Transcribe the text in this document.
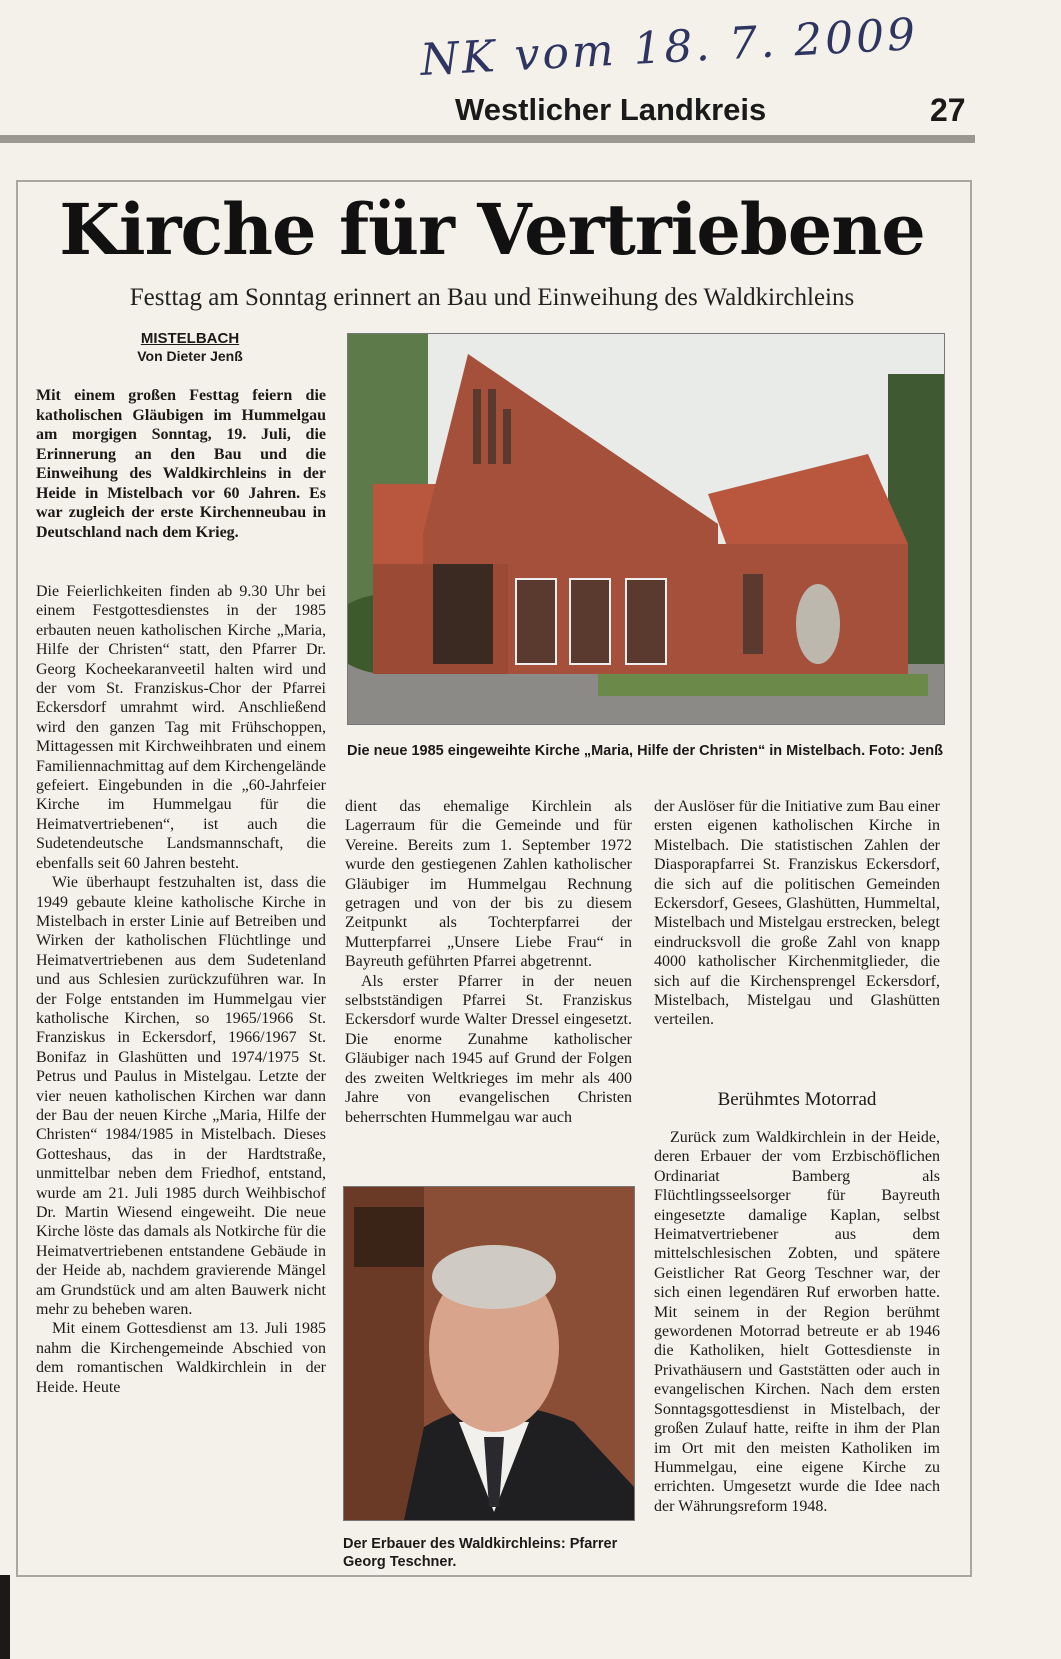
NK vom 18. 7. 2009
Westlicher Landkreis	27
Kirche für Vertriebene
Festtag am Sonntag erinnert an Bau und Einweihung des Waldkirchleins
MISTELBACH
Von Dieter Jenß
Mit einem großen Festtag feiern die katholischen Gläubigen im Hummelgau am morgigen Sonntag, 19. Juli, die Erinnerung an den Bau und die Einweihung des Waldkirchleins in der Heide in Mistelbach vor 60 Jahren. Es war zugleich der erste Kirchenneubau in Deutschland nach dem Krieg.

Die Feierlichkeiten finden ab 9.30 Uhr bei einem Festgottesdienstes in der 1985 erbauten neuen katholischen Kirche „Maria, Hilfe der Christen“ statt, den Pfarrer Dr. Georg Kocheekaranveetil halten wird und der vom St. Franziskus-Chor der Pfarrei Eckersdorf umrahmt wird. Anschließend wird den ganzen Tag mit Frühschoppen, Mittagessen mit Kirchweihbraten und einem Familiennachmittag auf dem Kirchengelände gefeiert. Eingebunden in die „60-Jahrfeier Kirche im Hummelgau für die Heimatvertriebenen“, ist auch die Sudetendeutsche Landsmannschaft, die ebenfalls seit 60 Jahren besteht.

Wie überhaupt festzuhalten ist, dass die 1949 gebaute kleine katholische Kirche in Mistelbach in erster Linie auf Betreiben und Wirken der katholischen Flüchtlinge und Heimatvertriebenen aus dem Sudetenland und aus Schlesien zurückzuführen war. In der Folge entstanden im Hummelgau vier katholische Kirchen, so 1965/1966 St. Franziskus in Eckersdorf, 1966/1967 St. Bonifaz in Glashütten und 1974/1975 St. Petrus und Paulus in Mistelgau. Letzte der vier neuen katholischen Kirchen war dann der Bau der neuen Kirche „Maria, Hilfe der Christen“ 1984/1985 in Mistelbach. Dieses Gotteshaus, das in der Hardtstraße, unmittelbar neben dem Friedhof, entstand, wurde am 21. Juli 1985 durch Weihbischof Dr. Martin Wiesend eingeweiht. Die neue Kirche löste das damals als Notkirche für die Heimatvertriebenen entstandene Gebäude in der Heide ab, nachdem gravierende Mängel am Grundstück und am alten Bauwerk nicht mehr zu beheben waren.

Mit einem Gottesdienst am 13. Juli 1985 nahm die Kirchengemeinde Abschied von dem romantischen Waldkirchlein in der Heide. Heute

Die neue 1985 eingeweihte Kirche „Maria, Hilfe der Christen“ in Mistelbach. Foto: Jenß

dient das ehemalige Kirchlein als Lagerraum für die Gemeinde und für Vereine. Bereits zum 1. September 1972 wurde den gestiegenen Zahlen katholischer Gläubiger im Hummelgau Rechnung getragen und von der bis zu diesem Zeitpunkt als Tochterpfarrei der Mutterpfarrei „Unsere Liebe Frau“ in Bayreuth geführten Pfarrei abgetrennt.

Als erster Pfarrer in der neuen selbstständigen Pfarrei St. Franziskus Eckersdorf wurde Walter Dressel eingesetzt. Die enorme Zunahme katholischer Gläubiger nach 1945 auf Grund der Folgen des zweiten Weltkrieges im mehr als 400 Jahre von evangelischen Christen beherrschten Hummelgau war auch

der Auslöser für die Initiative zum Bau einer ersten eigenen katholischen Kirche in Mistelbach. Die statistischen Zahlen der Diasporapfarrei St. Franziskus Eckersdorf, die sich auf die politischen Gemeinden Eckersdorf, Gesees, Glashütten, Hummeltal, Mistelbach und Mistelgau erstrecken, belegt eindrucksvoll die große Zahl von knapp 4000 katholischer Kirchenmitglieder, die sich auf die Kirchensprengel Eckersdorf, Mistelbach, Mistelgau und Glashütten verteilen.

Berühmtes Motorrad

Zurück zum Waldkirchlein in der Heide, deren Erbauer der vom Erzbischöflichen Ordinariat Bamberg als Flüchtlingsseelsorger für Bayreuth eingesetzte damalige Kaplan, selbst Heimatvertriebener aus dem mittelschlesischen Zobten, und spätere Geistlicher Rat Georg Teschner war, der sich einen legendären Ruf erworben hatte. Mit seinem in der Region berühmt gewordenen Motorrad betreute er ab 1946 die Katholiken, hielt Gottesdienste in Privathäusern und Gaststätten oder auch in evangelischen Kirchen. Nach dem ersten Sonntagsgottesdienst in Mistelbach, der großen Zulauf hatte, reifte in ihm der Plan im Ort mit den meisten Katholiken im Hummelgau, eine eigene Kirche zu errichten. Umgesetzt wurde die Idee nach der Währungsreform 1948.

Der Erbauer des Waldkirchleins: Pfarrer Georg Teschner.
